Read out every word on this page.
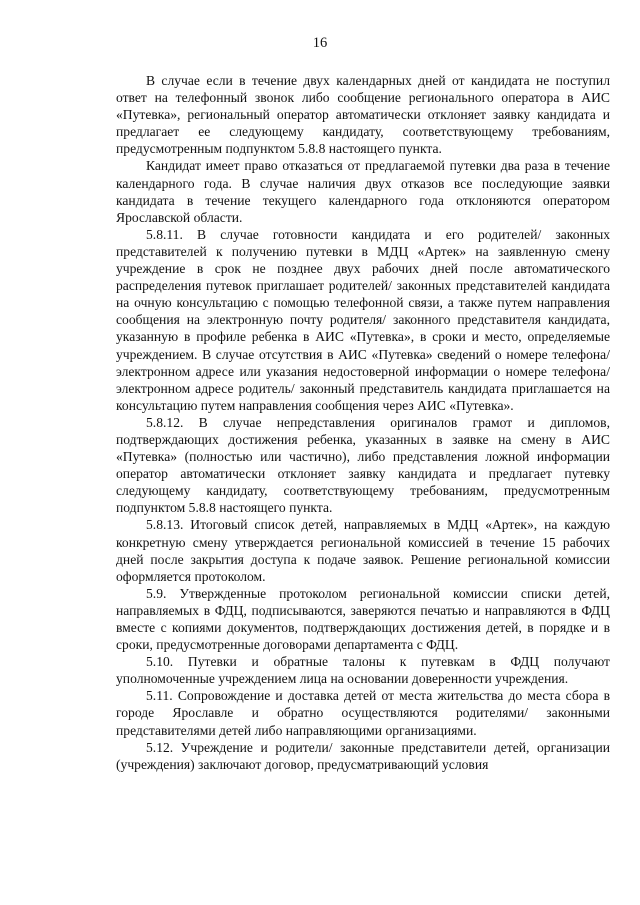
16

В случае если в течение двух календарных дней от кандидата не поступил ответ на телефонный звонок либо сообщение регионального оператора в АИС «Путевка», региональный оператор автоматически отклоняет заявку кандидата и предлагает ее следующему кандидату, соответствующему требованиям, предусмотренным подпунктом 5.8.8 настоящего пункта.

Кандидат имеет право отказаться от предлагаемой путевки два раза в течение календарного года. В случае наличия двух отказов все последующие заявки кандидата в течение текущего календарного года отклоняются оператором Ярославской области.

5.8.11. В случае готовности кандидата и его родителей/ законных представителей к получению путевки в МДЦ «Артек» на заявленную смену учреждение в срок не позднее двух рабочих дней после автоматического распределения путевок приглашает родителей/ законных представителей кандидата на очную консультацию с помощью телефонной связи, а также путем направления сообщения на электронную почту родителя/ законного представителя кандидата, указанную в профиле ребенка в АИС «Путевка», в сроки и место, определяемые учреждением. В случае отсутствия в АИС «Путевка» сведений о номере телефона/ электронном адресе или указания недостоверной информации о номере телефона/ электронном адресе родитель/ законный представитель кандидата приглашается на консультацию путем направления сообщения через АИС «Путевка».

5.8.12. В случае непредставления оригиналов грамот и дипломов, подтверждающих достижения ребенка, указанных в заявке на смену в АИС «Путевка» (полностью или частично), либо представления ложной информации оператор автоматически отклоняет заявку кандидата и предлагает путевку следующему кандидату, соответствующему требованиям, предусмотренным подпунктом 5.8.8 настоящего пункта.

5.8.13. Итоговый список детей, направляемых в МДЦ «Артек», на каждую конкретную смену утверждается региональной комиссией в течение 15 рабочих дней после закрытия доступа к подаче заявок. Решение региональной комиссии оформляется протоколом.

5.9. Утвержденные протоколом региональной комиссии списки детей, направляемых в ФДЦ, подписываются, заверяются печатью и направляются в ФДЦ вместе с копиями документов, подтверждающих достижения детей, в порядке и в сроки, предусмотренные договорами департамента с ФДЦ.

5.10. Путевки и обратные талоны к путевкам в ФДЦ получают уполномоченные учреждением лица на основании доверенности учреждения.

5.11. Сопровождение и доставка детей от места жительства до места сбора в городе Ярославле и обратно осуществляются родителями/ законными представителями детей либо направляющими организациями.

5.12. Учреждение и родители/ законные представители детей, организации (учреждения) заключают договор, предусматривающий условия
